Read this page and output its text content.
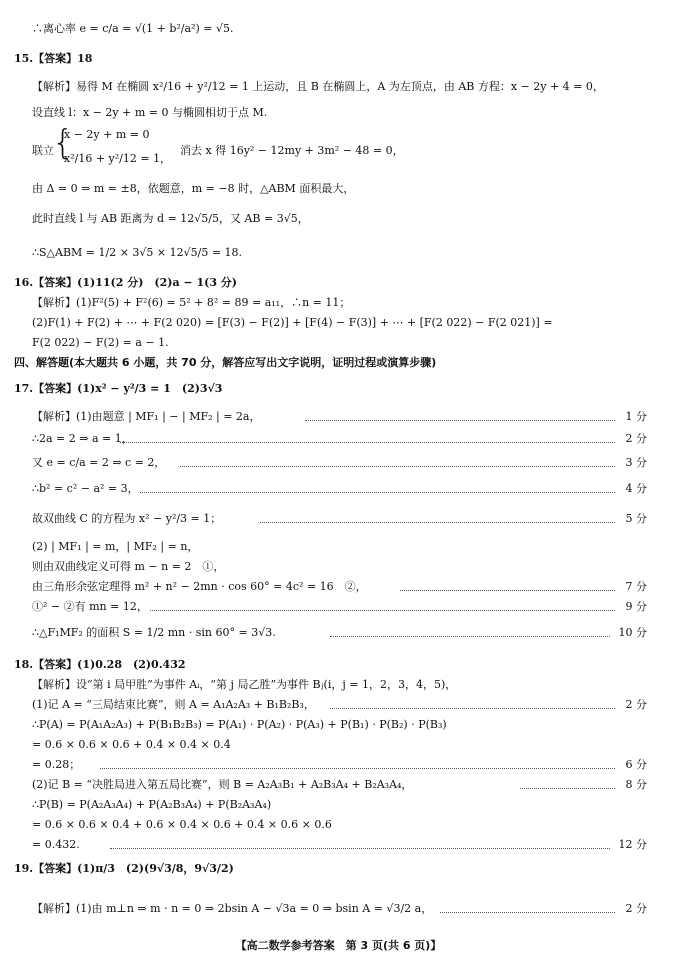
∴离心率 e = c/a = √(1 + b²/a²) = √5.
15.【答案】18
【解析】易得 M 在椭圆 x²/16 + y²/12 = 1 上运动，且 B 在椭圆上，A 为左顶点，由 AB 方程：x − 2y + 4 = 0，
设直线 l：x − 2y + m = 0 与椭圆相切于点 M.
联立
{
x − 2y + m = 0
x²/16 + y²/12 = 1，
消去 x 得 16y² − 12my + 3m² − 48 = 0，
由 Δ = 0 ⇒ m = ±8，依题意，m = −8 时，△ABM 面积最大，
此时直线 l 与 AB 距离为 d = 12√5/5，又 AB = 3√5，
∴S△ABM = 1/2 × 3√5 × 12√5/5 = 18.
16.【答案】(1)11(2 分)　(2)a − 1(3 分)
【解析】(1)F²(5) + F²(6) = 5² + 8² = 89 = a₁₁，∴n = 11；
(2)F(1) + F(2) + ⋯ + F(2 020) = [F(3) − F(2)] + [F(4) − F(3)] + ⋯ + [F(2 022) − F(2 021)] =
F(2 022) − F(2) = a − 1.
四、解答题(本大题共 6 小题，共 70 分，解答应写出文字说明，证明过程或演算步骤)
17.【答案】(1)x² − y²/3 = 1　(2)3√3
【解析】(1)由题意 | MF₁ | − | MF₂ | = 2a，	1 分
∴2a = 2 ⇒ a = 1，	2 分
又 e = c/a = 2 ⇒ c = 2，	3 分
∴b² = c² − a² = 3，	4 分
故双曲线 C 的方程为 x² − y²/3 = 1；	5 分
(2) | MF₁ | = m，| MF₂ | = n，
则由双曲线定义可得 m − n = 2　①，
由三角形余弦定理得 m² + n² − 2mn · cos 60° = 4c² = 16　②，	7 分
①² − ②有 mn = 12，	9 分
∴△F₁MF₂ 的面积 S = 1/2 mn · sin 60° = 3√3.	10 分
18.【答案】(1)0.28　(2)0.432
【解析】设“第 i 局甲胜”为事件 Aᵢ，“第 j 局乙胜”为事件 Bⱼ(i，j = 1，2，3，4，5)，
(1)记 A = “三局结束比赛”，则 A = A₁A₂A₃ + B₁B₂B₃，	2 分
∴P(A) = P(A₁A₂A₃) + P(B₁B₂B₃) = P(A₁) · P(A₂) · P(A₃) + P(B₁) · P(B₂) · P(B₃)
= 0.6 × 0.6 × 0.6 + 0.4 × 0.4 × 0.4
= 0.28；	6 分
(2)记 B = “决胜局进入第五局比赛”，则 B = A₂A₃B₁ + A₂B₃A₄ + B₂A₃A₄，	8 分
∴P(B) = P(A₂A₃A₄) + P(A₂B₃A₄) + P(B₂A₃A₄)
= 0.6 × 0.6 × 0.4 + 0.6 × 0.4 × 0.6 + 0.4 × 0.6 × 0.6
= 0.432.	12 分
19.【答案】(1)π/3　(2)(9√3/8，9√3/2)
【解析】(1)由 m⊥n ⇒ m · n = 0 ⇒ 2bsin A − √3a = 0 ⇒ bsin A = √3/2 a，	2 分
【高二数学参考答案　第 3 页(共 6 页)】
